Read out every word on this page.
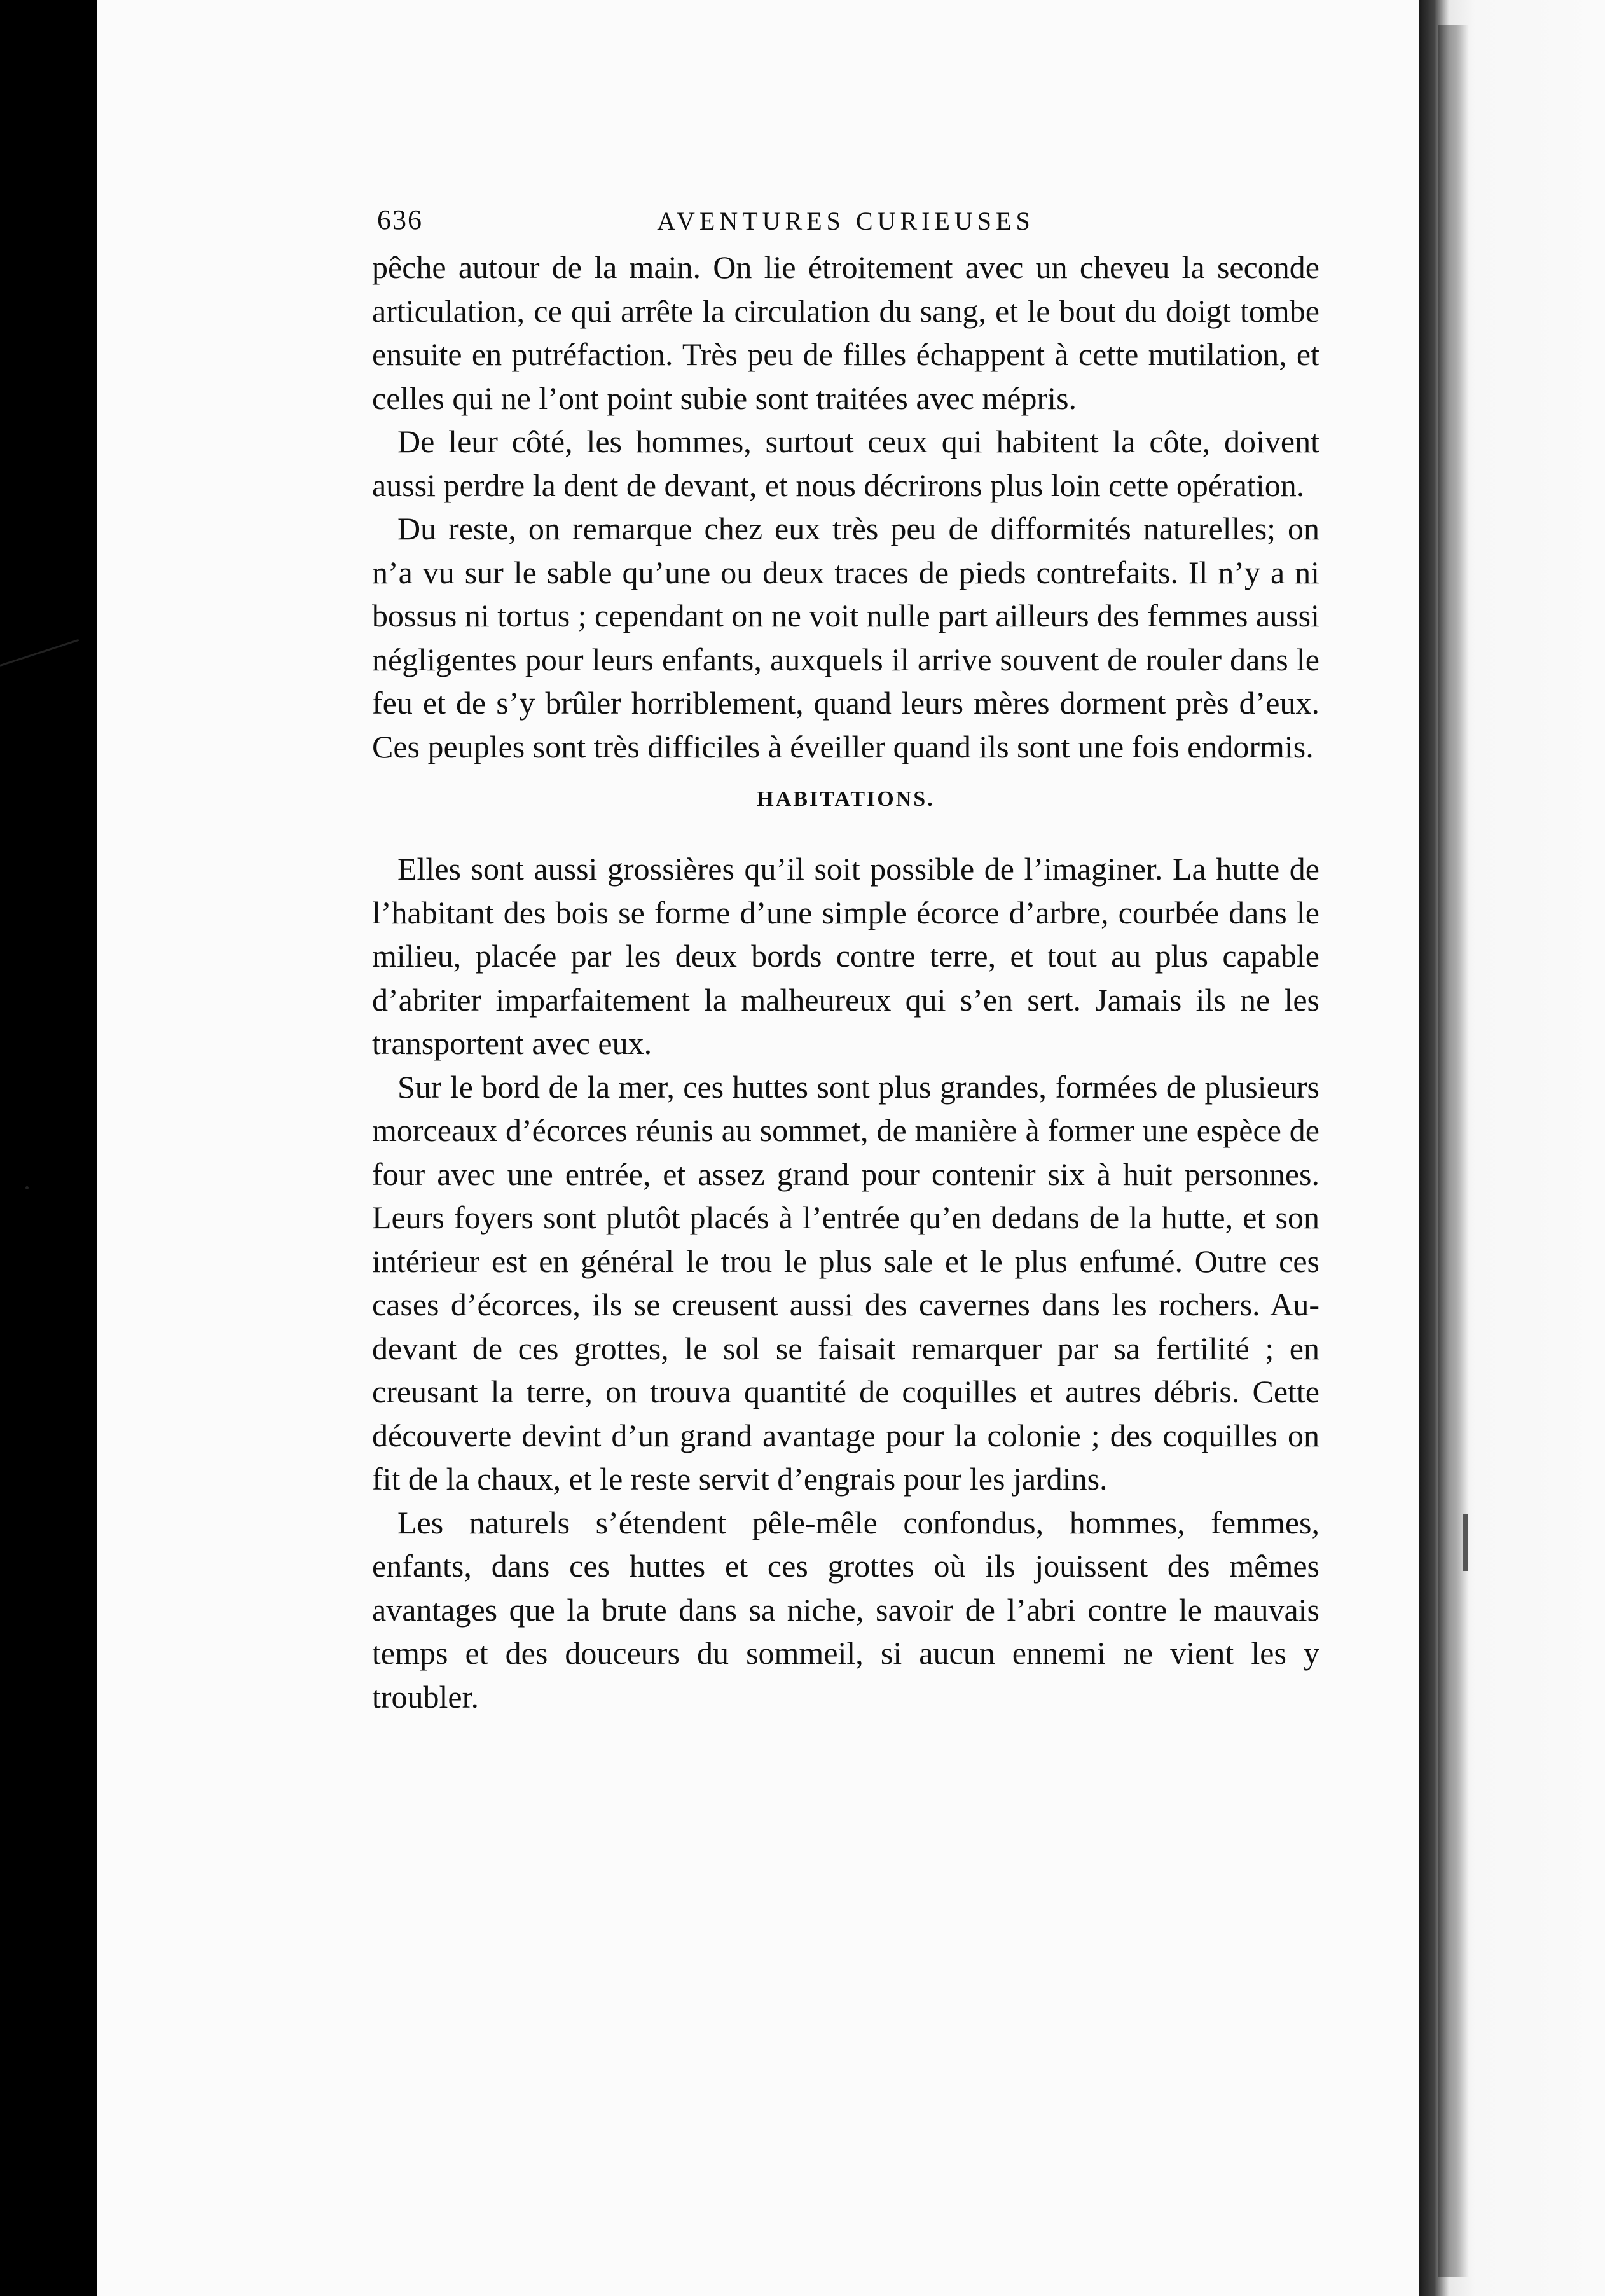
636	AVENTURES CURIEUSES

pêche autour de la main. On lie étroitement avec un cheveu la seconde articulation, ce qui arrête la circulation du sang, et le bout du doigt tombe ensuite en putréfaction. Très peu de filles échappent à cette mutilation, et celles qui ne l’ont point subie sont traitées avec mépris.

De leur côté, les hommes, surtout ceux qui habitent la côte, doivent aussi perdre la dent de devant, et nous décrirons plus loin cette opération.

Du reste, on remarque chez eux très peu de difformités naturelles; on n’a vu sur le sable qu’une ou deux traces de pieds contrefaits. Il n’y a ni bossus ni tortus ; cependant on ne voit nulle part ailleurs des femmes aussi négligentes pour leurs enfants, auxquels il arrive souvent de rouler dans le feu et de s’y brûler horriblement, quand leurs mères dorment près d’eux. Ces peuples sont très difficiles à éveiller quand ils sont une fois endormis.

HABITATIONS.

Elles sont aussi grossières qu’il soit possible de l’imaginer. La hutte de l’habitant des bois se forme d’une simple écorce d’arbre, courbée dans le milieu, placée par les deux bords contre terre, et tout au plus capable d’abriter imparfaitement la malheureux qui s’en sert. Jamais ils ne les transportent avec eux.

Sur le bord de la mer, ces huttes sont plus grandes, formées de plusieurs morceaux d’écorces réunis au sommet, de manière à former une espèce de four avec une entrée, et assez grand pour contenir six à huit personnes. Leurs foyers sont plutôt placés à l’entrée qu’en dedans de la hutte, et son intérieur est en général le trou le plus sale et le plus enfumé. Outre ces cases d’écorces, ils se creusent aussi des cavernes dans les rochers. Au-devant de ces grottes, le sol se faisait remarquer par sa fertilité ; en creusant la terre, on trouva quantité de coquilles et autres débris. Cette découverte devint d’un grand avantage pour la colonie ; des coquilles on fit de la chaux, et le reste servit d’engrais pour les jardins.

Les naturels s’étendent pêle-mêle confondus, hommes, femmes, enfants, dans ces huttes et ces grottes où ils jouissent des mêmes avantages que la brute dans sa niche, savoir de l’abri contre le mauvais temps et des douceurs du sommeil, si aucun ennemi ne vient les y troubler.
